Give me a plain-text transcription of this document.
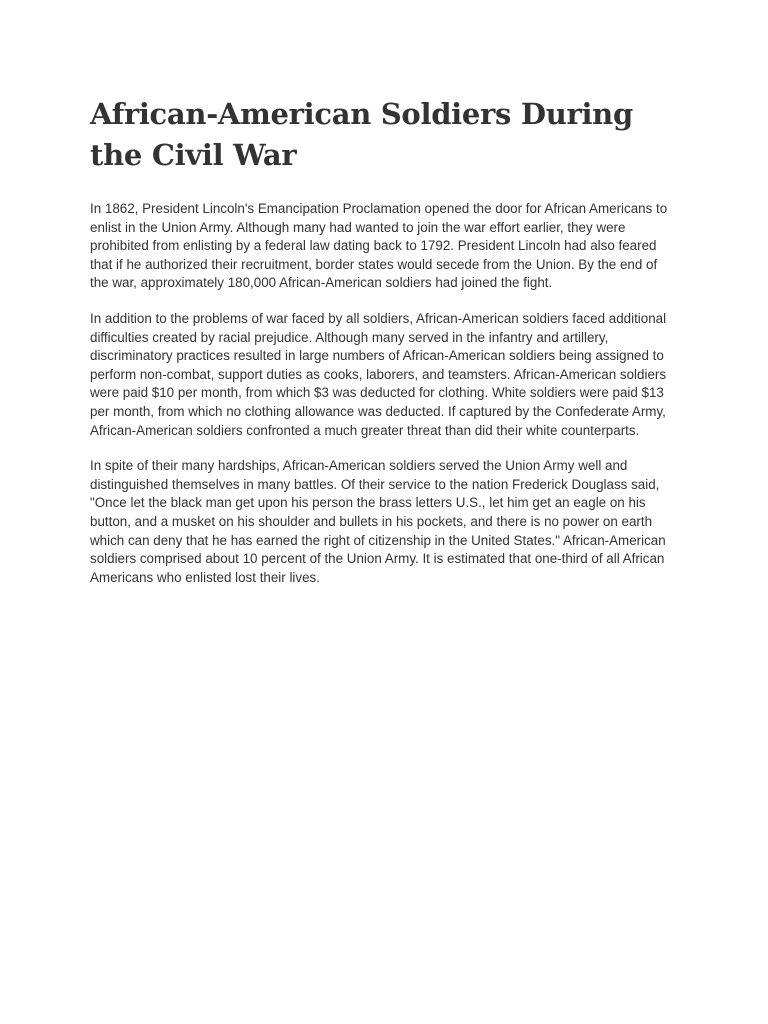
African-American Soldiers During the Civil War

In 1862, President Lincoln's Emancipation Proclamation opened the door for African Americans to enlist in the Union Army. Although many had wanted to join the war effort earlier, they were prohibited from enlisting by a federal law dating back to 1792. President Lincoln had also feared that if he authorized their recruitment, border states would secede from the Union. By the end of the war, approximately 180,000 African-American soldiers had joined the fight.

In addition to the problems of war faced by all soldiers, African-American soldiers faced additional difficulties created by racial prejudice. Although many served in the infantry and artillery, discriminatory practices resulted in large numbers of African-American soldiers being assigned to perform non-combat, support duties as cooks, laborers, and teamsters. African-American soldiers were paid $10 per month, from which $3 was deducted for clothing. White soldiers were paid $13 per month, from which no clothing allowance was deducted. If captured by the Confederate Army, African-American soldiers confronted a much greater threat than did their white counterparts.

In spite of their many hardships, African-American soldiers served the Union Army well and distinguished themselves in many battles. Of their service to the nation Frederick Douglass said, "Once let the black man get upon his person the brass letters U.S., let him get an eagle on his button, and a musket on his shoulder and bullets in his pockets, and there is no power on earth which can deny that he has earned the right of citizenship in the United States." African-American soldiers comprised about 10 percent of the Union Army. It is estimated that one-third of all African Americans who enlisted lost their lives.
